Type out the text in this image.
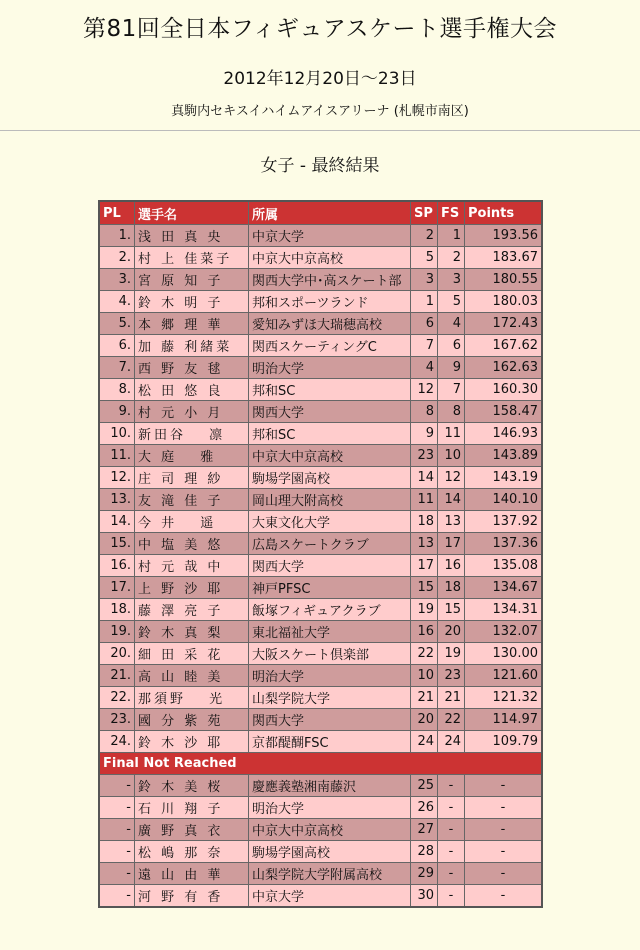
第81回全日本フィギュアスケート選手権大会
2012年12月20日～23日
真駒内セキスイハイムアイスアリーナ (札幌市南区)
女子 - 最終結果
PL	選手名	所属	SP	FS	Points
1.	浅 田 真 央	中京大学	2	1	193.56
2.	村 上 佳菜子	中京大中京高校	5	2	183.67
3.	宮 原 知 子	関西大学中･高スケート部	3	3	180.55
4.	鈴 木 明 子	邦和スポーツランド	1	5	180.03
5.	本 郷 理 華	愛知みずほ大瑞穂高校	6	4	172.43
6.	加 藤 利緒菜	関西スケーティングC	7	6	167.62
7.	西 野 友 毬	明治大学	4	9	162.63
8.	松 田 悠 良	邦和SC	12	7	160.30
9.	村 元 小 月	関西大学	8	8	158.47
10.	新田谷　 凛	邦和SC	9	11	146.93
11.	大 庭　 雅	中京大中京高校	23	10	143.89
12.	庄 司 理 紗	駒場学園高校	14	12	143.19
13.	友 滝 佳 子	岡山理大附高校	11	14	140.10
14.	今 井　 遥	大東文化大学	18	13	137.92
15.	中 塩 美 悠	広島スケートクラブ	13	17	137.36
16.	村 元 哉 中	関西大学	17	16	135.08
17.	上 野 沙 耶	神戸PFSC	15	18	134.67
18.	藤 澤 亮 子	飯塚フィギュアクラブ	19	15	134.31
19.	鈴 木 真 梨	東北福祉大学	16	20	132.07
20.	細 田 采 花	大阪スケート倶楽部	22	19	130.00
21.	高 山 睦 美	明治大学	10	23	121.60
22.	那須野　 光	山梨学院大学	21	21	121.32
23.	國 分 紫 苑	関西大学	20	22	114.97
24.	鈴 木 沙 耶	京都醍醐FSC	24	24	109.79
Final Not Reached					
-	鈴 木 美 桜	慶應義塾湘南藤沢	25	-	-
-	石 川 翔 子	明治大学	26	-	-
-	廣 野 真 衣	中京大中京高校	27	-	-
-	松 嶋 那 奈	駒場学園高校	28	-	-
-	遠 山 由 華	山梨学院大学附属高校	29	-	-
-	河 野 有 香	中京大学	30	-	-
